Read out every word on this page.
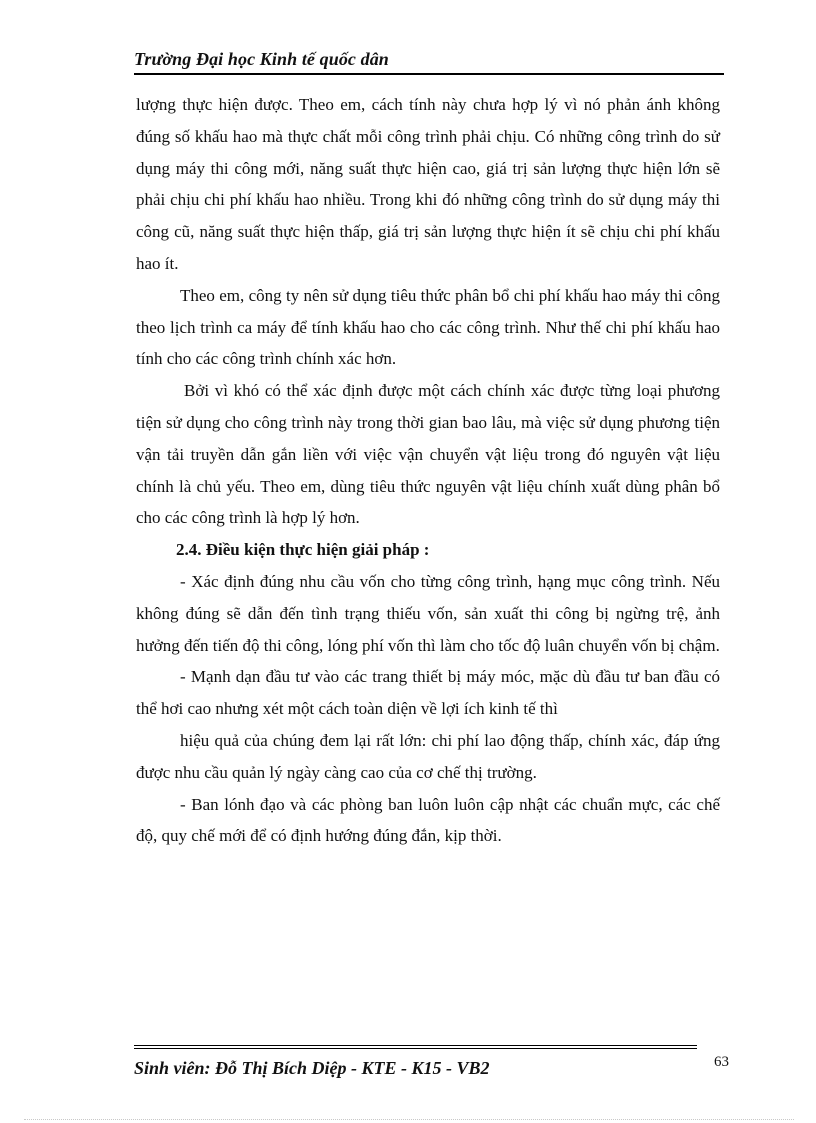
Trường Đại học Kinh tế quốc dân

lượng thực hiện được. Theo em, cách tính này chưa hợp lý vì nó phản ánh không đúng số khấu hao mà thực chất mỗi công trình phải chịu. Có những công trình do sử dụng máy thi công mới, năng suất thực hiện cao, giá trị sản lượng thực hiện lớn sẽ phải chịu chi phí khấu hao nhiều. Trong khi đó những công trình do sử dụng máy thi công cũ, năng suất thực hiện thấp, giá trị sản lượng thực hiện ít sẽ chịu chi phí khấu hao ít.

Theo em, công ty nên sử dụng tiêu thức phân bổ chi phí khấu hao máy thi công theo lịch trình ca máy để tính khấu hao cho các công trình. Như thế chi phí khấu hao tính cho các công trình chính xác hơn.

Bởi vì khó có thể xác định được một cách chính xác được từng loại phương tiện sử dụng cho công trình này trong thời gian bao lâu, mà việc sử dụng phương tiện vận tải truyền dẫn gắn liền với việc vận chuyển vật liệu trong đó nguyên vật liệu chính là chủ yếu. Theo em, dùng tiêu thức nguyên vật liệu chính xuất dùng phân bổ cho các công trình là hợp lý hơn.

2.4. Điều kiện thực hiện giải pháp :

- Xác định đúng nhu cầu vốn cho từng công trình, hạng mục công trình. Nếu không đúng sẽ dẫn đến tình trạng thiếu vốn, sản xuất thi công bị ngừng trệ, ảnh hưởng đến tiến độ thi công, lóng phí vốn thì làm cho tốc độ luân chuyển vốn bị chậm.

- Mạnh dạn đầu tư vào các trang thiết bị máy móc, mặc dù đầu tư ban đầu có thể hơi cao nhưng xét một cách toàn diện về lợi ích kinh tế thì

hiệu quả của chúng đem lại rất lớn: chi phí lao động thấp, chính xác, đáp ứng được nhu cầu quản lý ngày càng cao của cơ chế thị trường.

- Ban lónh đạo và các phòng ban luôn luôn cập nhật các chuẩn mực, các chế độ, quy chế mới để có định hướng đúng đắn, kịp thời.

Sinh viên: Đỗ Thị Bích Diệp - KTE - K15 - VB2	63
